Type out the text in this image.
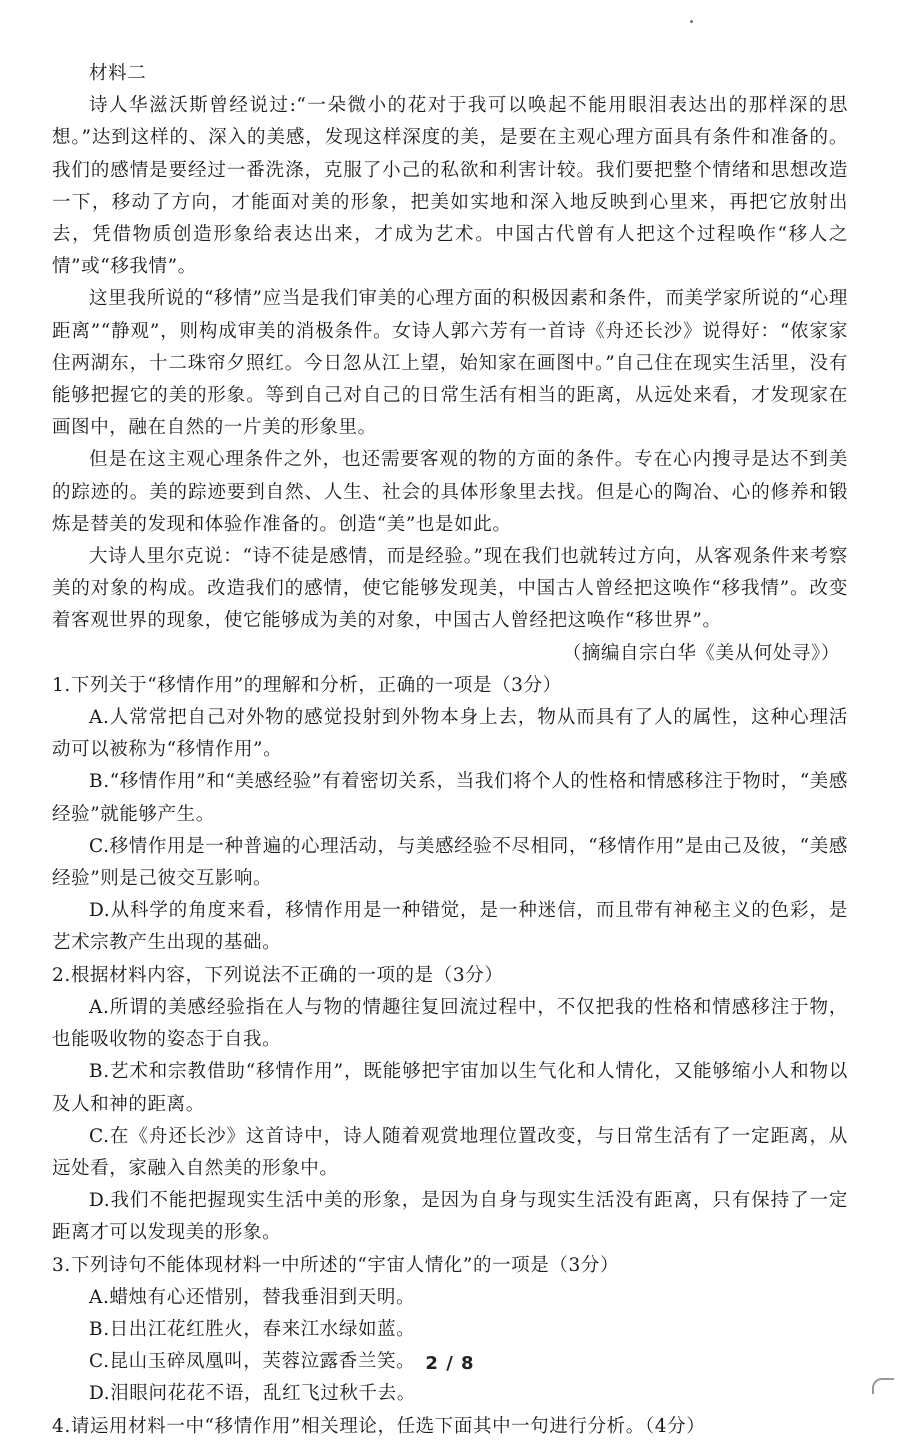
材料二

诗人华滋沃斯曾经说过:“一朵微小的花对于我可以唤起不能用眼泪表达出的那样深的思想。”达到这样的、深入的美感，发现这样深度的美，是要在主观心理方面具有条件和准备的。我们的感情是要经过一番洗涤，克服了小己的私欲和利害计较。我们要把整个情绪和思想改造一下，移动了方向，才能面对美的形象，把美如实地和深入地反映到心里来，再把它放射出去，凭借物质创造形象给表达出来，才成为艺术。中国古代曾有人把这个过程唤作“移人之情”或“移我情”。

这里我所说的“移情”应当是我们审美的心理方面的积极因素和条件，而美学家所说的“心理距离”“静观”，则构成审美的消极条件。女诗人郭六芳有一首诗《舟还长沙》说得好：“侬家家住两湖东，十二珠帘夕照红。今日忽从江上望，始知家在画图中。”自己住在现实生活里，没有能够把握它的美的形象。等到自己对自己的日常生活有相当的距离，从远处来看，才发现家在画图中，融在自然的一片美的形象里。

但是在这主观心理条件之外，也还需要客观的物的方面的条件。专在心内搜寻是达不到美的踪迹的。美的踪迹要到自然、人生、社会的具体形象里去找。但是心的陶冶、心的修养和锻炼是替美的发现和体验作准备的。创造“美”也是如此。

大诗人里尔克说：“诗不徒是感情，而是经验。”现在我们也就转过方向，从客观条件来考察美的对象的构成。改造我们的感情，使它能够发现美，中国古人曾经把这唤作“移我情”。改变着客观世界的现象，使它能够成为美的对象，中国古人曾经把这唤作“移世界”。

（摘编自宗白华《美从何处寻》）

1.下列关于“移情作用”的理解和分析，正确的一项是（3分）

A.人常常把自己对外物的感觉投射到外物本身上去，物从而具有了人的属性，这种心理活动可以被称为“移情作用”。

B.“移情作用”和“美感经验”有着密切关系，当我们将个人的性格和情感移注于物时，“美感经验”就能够产生。

C.移情作用是一种普遍的心理活动，与美感经验不尽相同，“移情作用”是由己及彼，“美感经验”则是己彼交互影响。

D.从科学的角度来看，移情作用是一种错觉，是一种迷信，而且带有神秘主义的色彩，是艺术宗教产生出现的基础。

2.根据材料内容，下列说法不正确的一项的是（3分）

A.所谓的美感经验指在人与物的情趣往复回流过程中，不仅把我的性格和情感移注于物，也能吸收物的姿态于自我。

B.艺术和宗教借助“移情作用”，既能够把宇宙加以生气化和人情化，又能够缩小人和物以及人和神的距离。

C.在《舟还长沙》这首诗中，诗人随着观赏地理位置改变，与日常生活有了一定距离，从远处看，家融入自然美的形象中。

D.我们不能把握现实生活中美的形象，是因为自身与现实生活没有距离，只有保持了一定距离才可以发现美的形象。

3.下列诗句不能体现材料一中所述的“宇宙人情化”的一项是（3分）

A.蜡烛有心还惜别，替我垂泪到天明。

B.日出江花红胜火，春来江水绿如蓝。

C.昆山玉碎凤凰叫，芙蓉泣露香兰笑。

D.泪眼问花花不语，乱红飞过秋千去。

4.请运用材料一中“移情作用”相关理论，任选下面其中一句进行分析。（4分）

2 / 8
